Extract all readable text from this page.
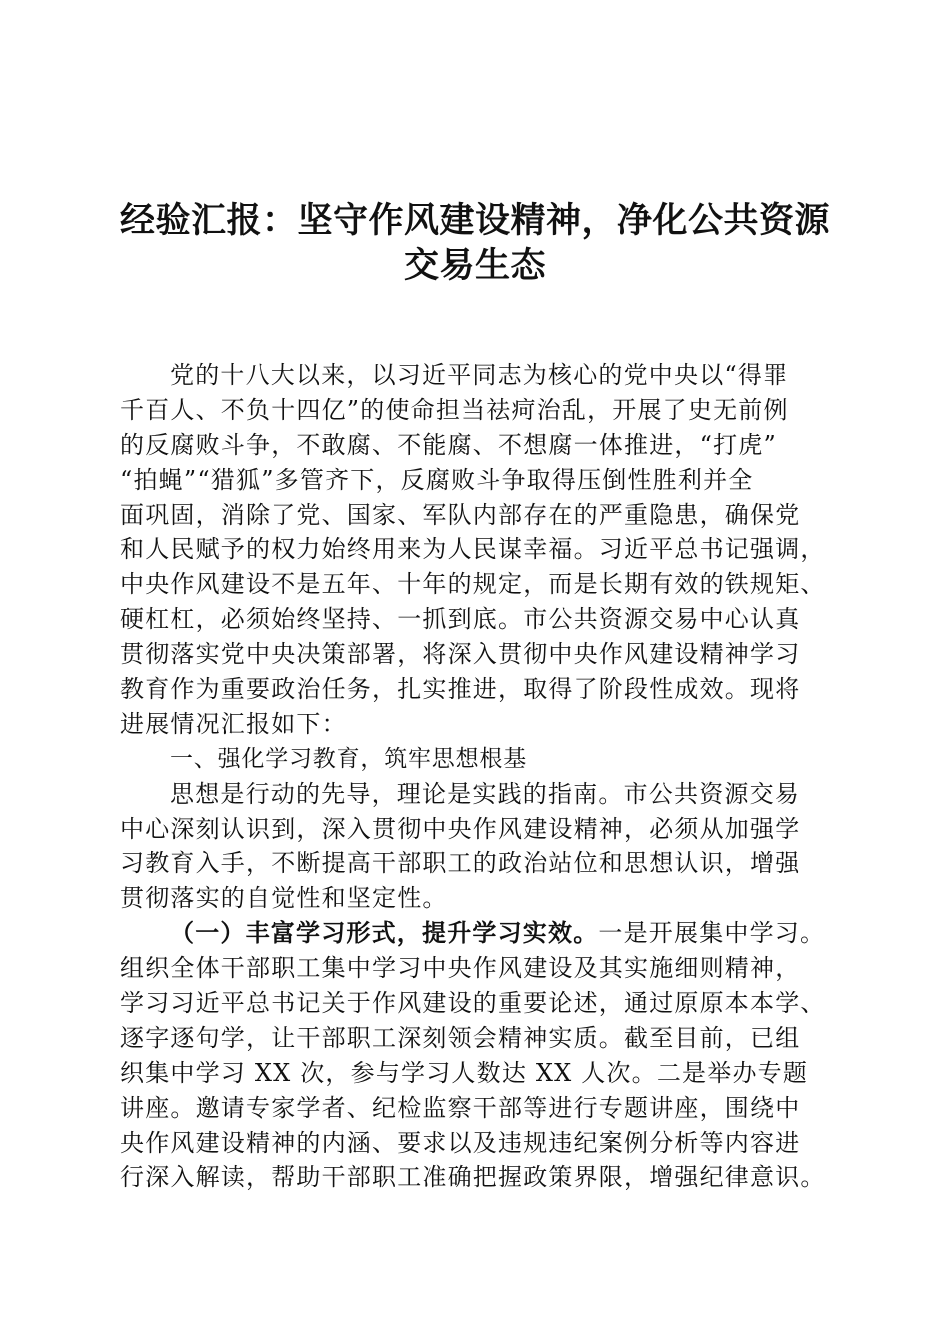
经验汇报：坚守作风建设精神，净化公共资源
交易生态
党的十八大以来，以习近平同志为核心的党中央以“得罪
千百人、不负十四亿”的使命担当祛疴治乱，开展了史无前例
的反腐败斗争，不敢腐、不能腐、不想腐一体推进，“打虎”
“拍蝇”“猎狐”多管齐下，反腐败斗争取得压倒性胜利并全
面巩固，消除了党、国家、军队内部存在的严重隐患，确保党
和人民赋予的权力始终用来为人民谋幸福。习近平总书记强调，
中央作风建设不是五年、十年的规定，而是长期有效的铁规矩、
硬杠杠，必须始终坚持、一抓到底。市公共资源交易中心认真
贯彻落实党中央决策部署，将深入贯彻中央作风建设精神学习
教育作为重要政治任务，扎实推进，取得了阶段性成效。现将
进展情况汇报如下：
一、强化学习教育，筑牢思想根基
思想是行动的先导，理论是实践的指南。市公共资源交易
中心深刻认识到，深入贯彻中央作风建设精神，必须从加强学
习教育入手，不断提高干部职工的政治站位和思想认识，增强
贯彻落实的自觉性和坚定性。
（一）丰富学习形式，提升学习实效。一是开展集中学习。
组织全体干部职工集中学习中央作风建设及其实施细则精神，
学习习近平总书记关于作风建设的重要论述，通过原原本本学、
逐字逐句学，让干部职工深刻领会精神实质。截至目前，已组
织集中学习 XX 次，参与学习人数达 XX 人次。二是举办专题
讲座。邀请专家学者、纪检监察干部等进行专题讲座，围绕中
央作风建设精神的内涵、要求以及违规违纪案例分析等内容进
行深入解读，帮助干部职工准确把握政策界限，增强纪律意识。
